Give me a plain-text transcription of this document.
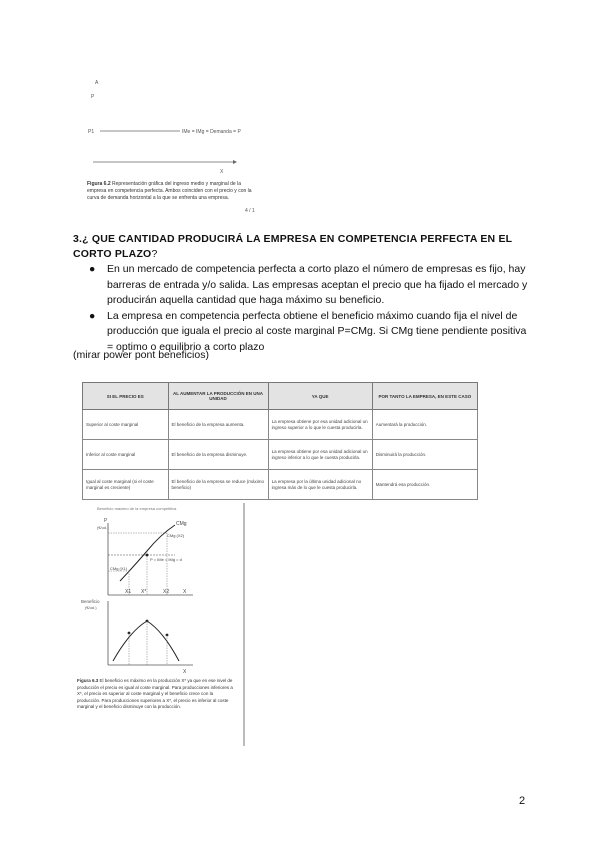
A
P
P1	IMe = IMg = Demanda = P
X
Figura 6.2 Representación gráfica del ingreso medio y marginal de la empresa en competencia perfecta. Ambos coinciden con el precio y con la curva de demanda horizontal a la que se enfrenta una empresa.
4 / 1
3.¿ QUE CANTIDAD PRODUCIRÁ LA EMPRESA EN COMPETENCIA PERFECTA EN EL CORTO PLAZO?
● En un mercado de competencia perfecta a corto plazo el número de empresas es fijo, hay barreras de entrada y/o salida. Las empresas aceptan el precio que ha fijado el mercado y producirán aquella cantidad que haga máximo su beneficio.
● La empresa en competencia perfecta obtiene el beneficio máximo cuando fija el nivel de producción que iguala el precio al coste marginal P=CMg. Si CMg tiene pendiente positiva = optimo o equilibrio a corto plazo
(mirar power pont beneficios)
SI EL PRECIO ES	AL AUMENTAR LA PRODUCCIÓN EN UNA UNIDAD	YA QUE	POR TANTO LA EMPRESA, EN ESTE CASO
Superior al coste marginal	El beneficio de la empresa aumenta.	La empresa obtiene por esa unidad adicional un ingreso superior a lo que le cuesta producirla.	Aumentará la producción.
Inferior al coste marginal	El beneficio de la empresa disminuye.	La empresa obtiene por esa unidad adicional un ingreso inferior a lo que le cuesta producirla.	Disminuirá la producción.
Igual al coste marginal (si el coste marginal es creciente)	El beneficio de la empresa se reduce (máximo beneficio)	La empresa por la última unidad adicional no ingresa más de lo que le cuesta producirla.	Mantendrá esa producción.
Beneficio máximo de la empresa competitiva
P
(€/ud.)
CMg
CMg (X2)
CMg (X1)
P = IMe = IMg = d
X1 X*	X2	X
Beneficio
(€/ud.)
X
Figura 6.3 El beneficio es máximo en la producción X* ya que en ese nivel de producción el precio es igual al coste marginal. Para producciones inferiores a X*, el precio es superior al coste marginal y el beneficio crece con la producción. Para producciones superiores a X*, el precio es inferior al coste marginal y el beneficio disminuye con la producción.
2
